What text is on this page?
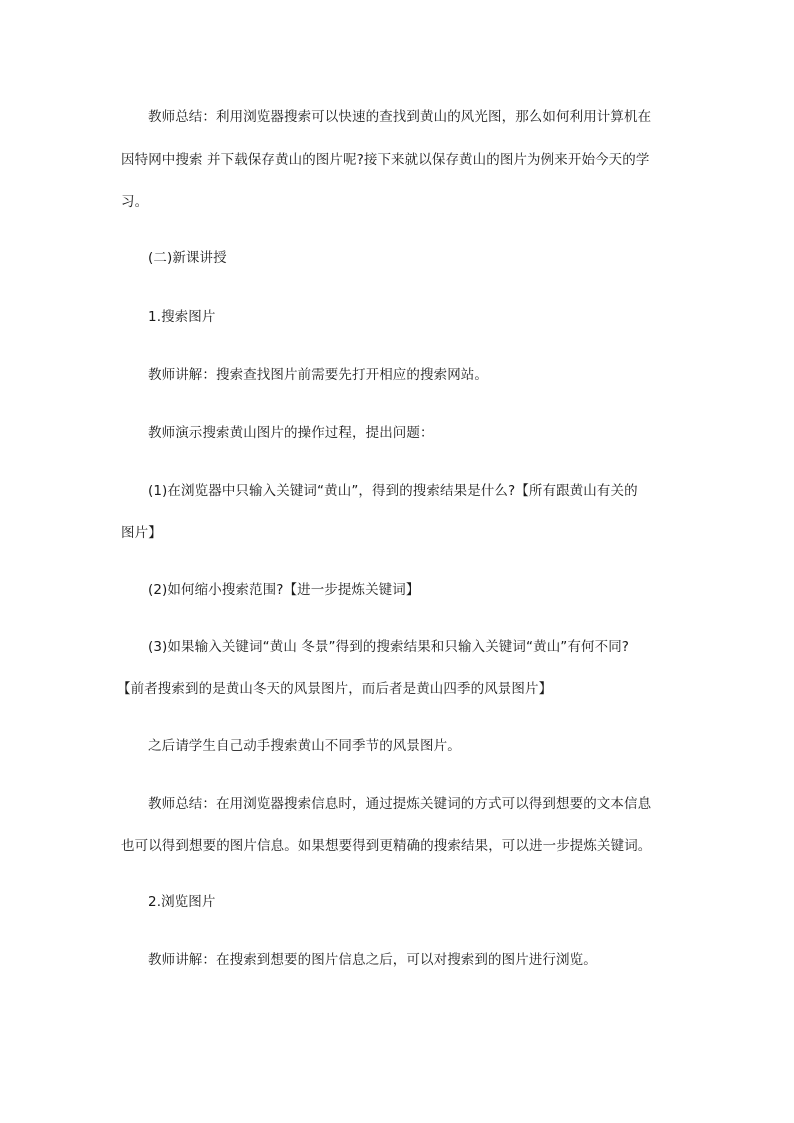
教师总结：利用浏览器搜索可以快速的查找到黄山的风光图，那么如何利用计算机在
因特网中搜索 并下载保存黄山的图片呢?接下来就以保存黄山的图片为例来开始今天的学
习。
(二)新课讲授
1.搜索图片
教师讲解：搜索查找图片前需要先打开相应的搜索网站。
教师演示搜索黄山图片的操作过程，提出问题：
(1)在浏览器中只输入关键词“黄山”，得到的搜索结果是什么?【所有跟黄山有关的
图片】
(2)如何缩小搜索范围?【进一步提炼关键词】
(3)如果输入关键词“黄山 冬景”得到的搜索结果和只输入关键词“黄山”有何不同?
【前者搜索到的是黄山冬天的风景图片，而后者是黄山四季的风景图片】
之后请学生自己动手搜索黄山不同季节的风景图片。
教师总结：在用浏览器搜索信息时，通过提炼关键词的方式可以得到想要的文本信息
也可以得到想要的图片信息。如果想要得到更精确的搜索结果，可以进一步提炼关键词。
2.浏览图片
教师讲解：在搜索到想要的图片信息之后，可以对搜索到的图片进行浏览。
